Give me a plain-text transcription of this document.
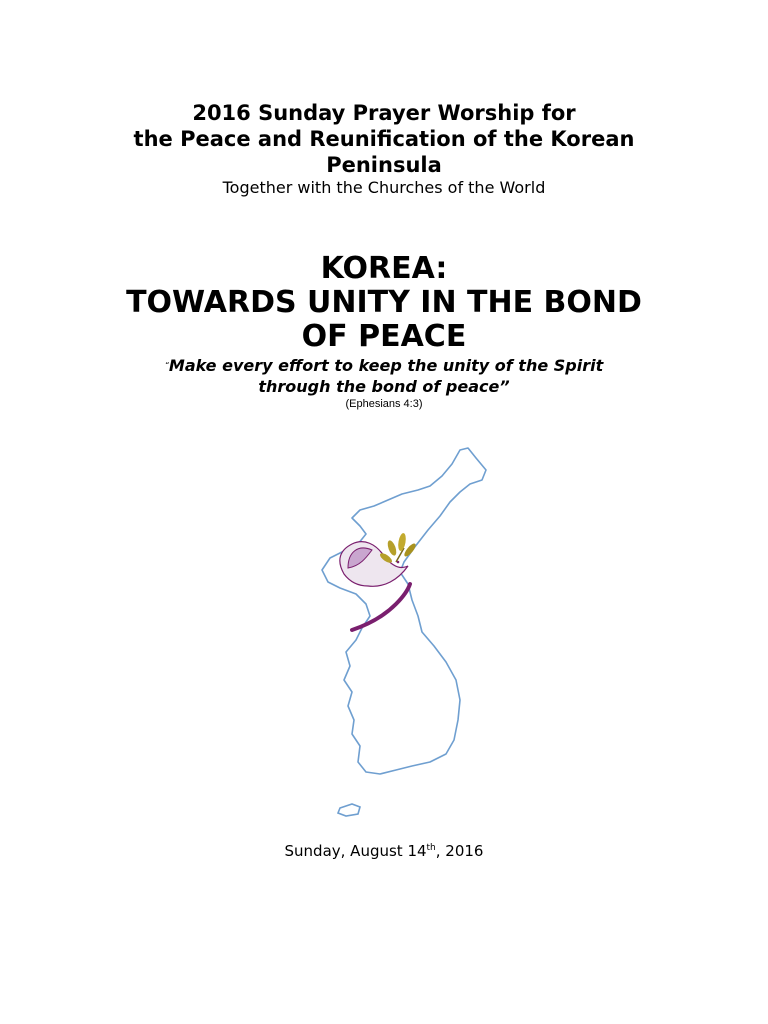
2016 Sunday Prayer Worship for

the Peace and Reunification of the Korean

Peninsula

Together with the Churches of the World

KOREA:

TOWARDS UNITY IN THE BOND

OF PEACE

“Make every effort to keep the unity of the Spirit
through the bond of peace”
(Ephesians 4:3)
Sunday, August 14th, 2016
